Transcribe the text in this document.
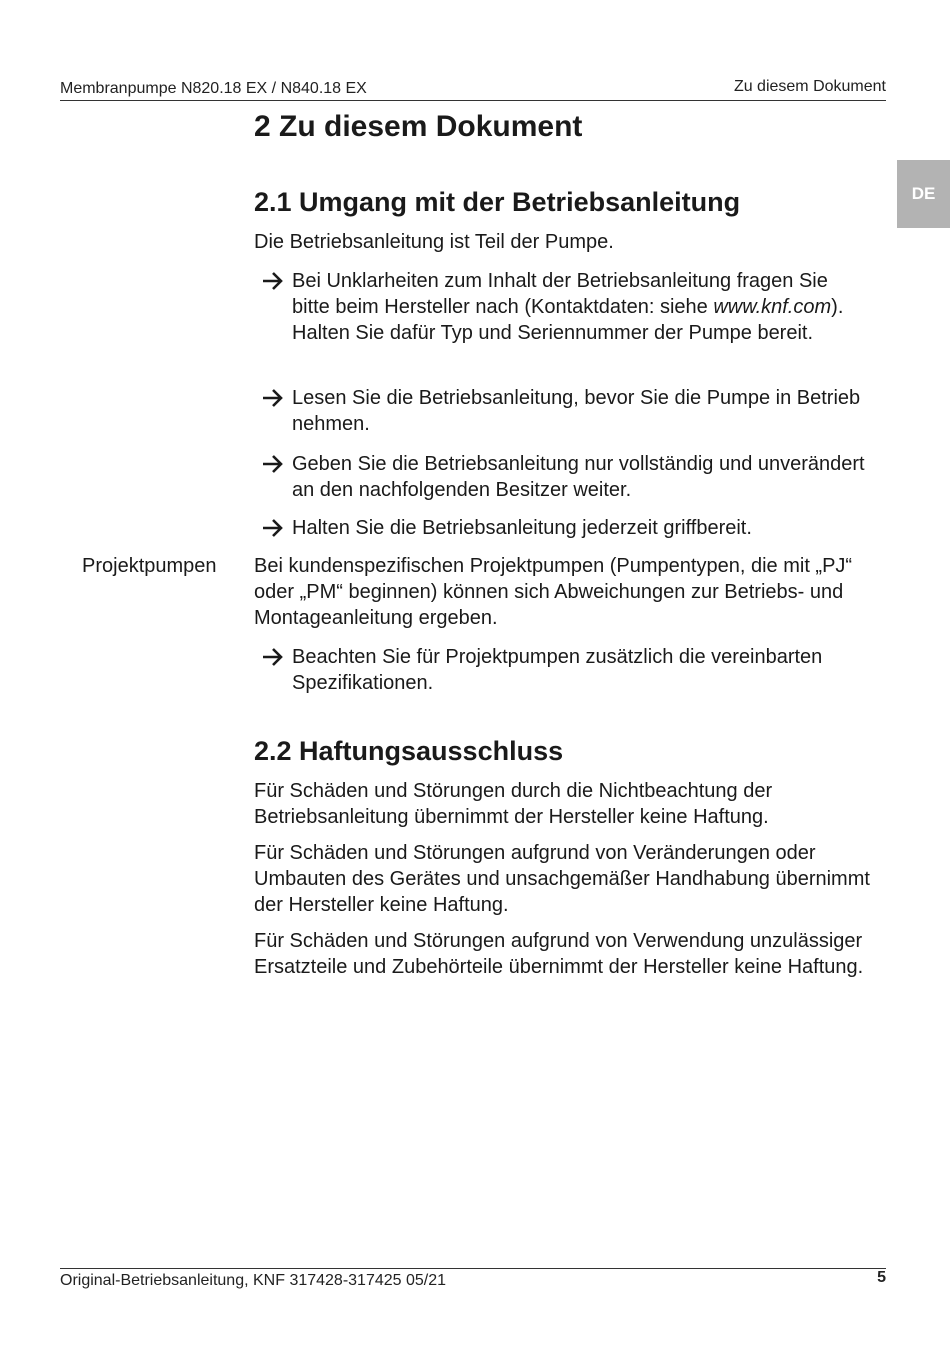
Membranpumpe N820.18 EX / N840.18 EX	Zu diesem Dokument
DE
2 Zu diesem Dokument
2.1 Umgang mit der Betriebsanleitung

Die Betriebsanleitung ist Teil der Pumpe.

Bei Unklarheiten zum Inhalt der Betriebsanleitung fragen Sie bitte beim Hersteller nach (Kontaktdaten: siehe www.knf.com). Halten Sie dafür Typ und Seriennummer der Pumpe bereit.
Lesen Sie die Betriebsanleitung, bevor Sie die Pumpe in Betrieb nehmen.
Geben Sie die Betriebsanleitung nur vollständig und unverändert an den nachfolgenden Besitzer weiter.
Halten Sie die Betriebsanleitung jederzeit griffbereit.
Projektpumpen Bei kundenspezifischen Projektpumpen (Pumpentypen, die mit „PJ“ oder „PM“ beginnen) können sich Abweichungen zur Betriebs- und Montageanleitung ergeben.

Beachten Sie für Projektpumpen zusätzlich die vereinbarten Spezifikationen.
2.2 Haftungsausschluss

Für Schäden und Störungen durch die Nichtbeachtung der Betriebsanleitung übernimmt der Hersteller keine Haftung.

Für Schäden und Störungen aufgrund von Veränderungen oder Umbauten des Gerätes und unsachgemäßer Handhabung übernimmt der Hersteller keine Haftung.

Für Schäden und Störungen aufgrund von Verwendung unzulässiger Ersatzteile und Zubehörteile übernimmt der Hersteller keine Haftung.

Original-Betriebsanleitung, KNF 317428-317425 05/21	5
